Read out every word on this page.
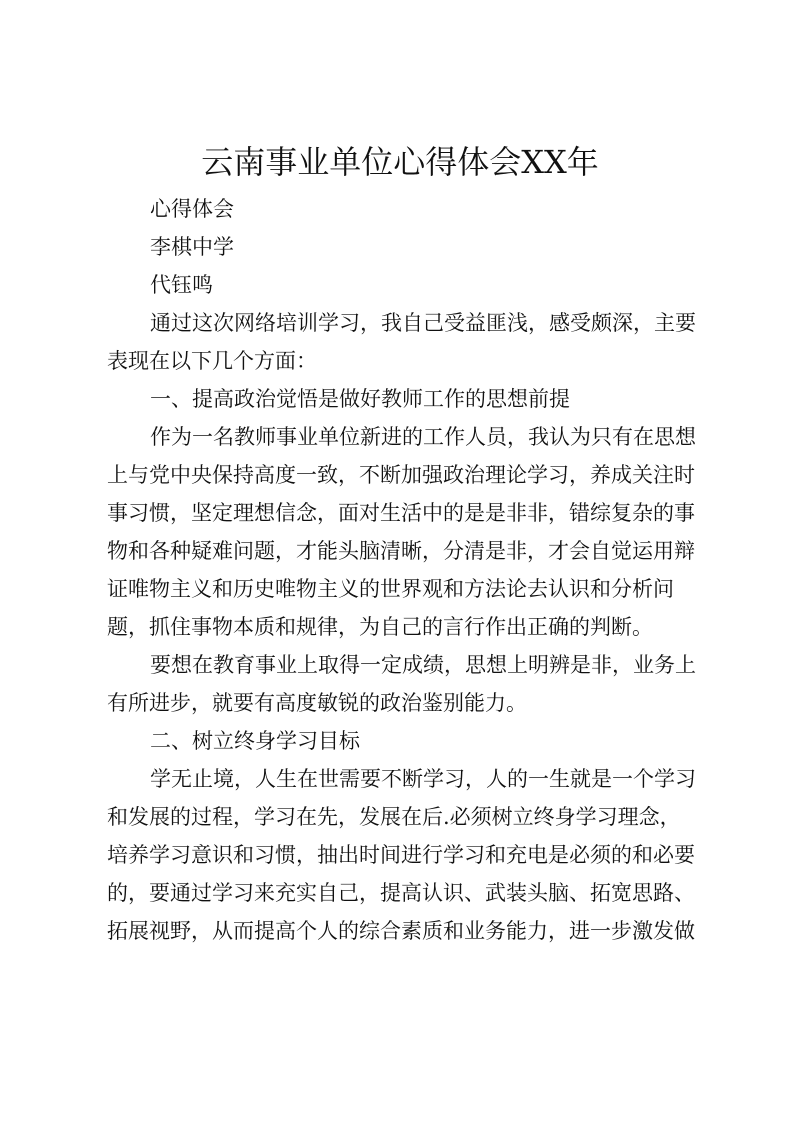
云南事业单位心得体会XX年
心得体会
李棋中学
代钰鸣
通过这次网络培训学习，我自己受益匪浅，感受颇深，主要
表现在以下几个方面：
一、提高政治觉悟是做好教师工作的思想前提
作为一名教师事业单位新进的工作人员，我认为只有在思想
上与党中央保持高度一致，不断加强政治理论学习，养成关注时
事习惯，坚定理想信念，面对生活中的是是非非，错综复杂的事
物和各种疑难问题，才能头脑清晰，分清是非，才会自觉运用辩
证唯物主义和历史唯物主义的世界观和方法论去认识和分析问
题，抓住事物本质和规律，为自己的言行作出正确的判断。
要想在教育事业上取得一定成绩，思想上明辨是非，业务上
有所进步，就要有高度敏锐的政治鉴别能力。
二、树立终身学习目标
学无止境，人生在世需要不断学习，人的一生就是一个学习
和发展的过程，学习在先，发展在后.必须树立终身学习理念，
培养学习意识和习惯，抽出时间进行学习和充电是必须的和必要
的，要通过学习来充实自己，提高认识、武装头脑、拓宽思路、
拓展视野，从而提高个人的综合素质和业务能力，进一步激发做
